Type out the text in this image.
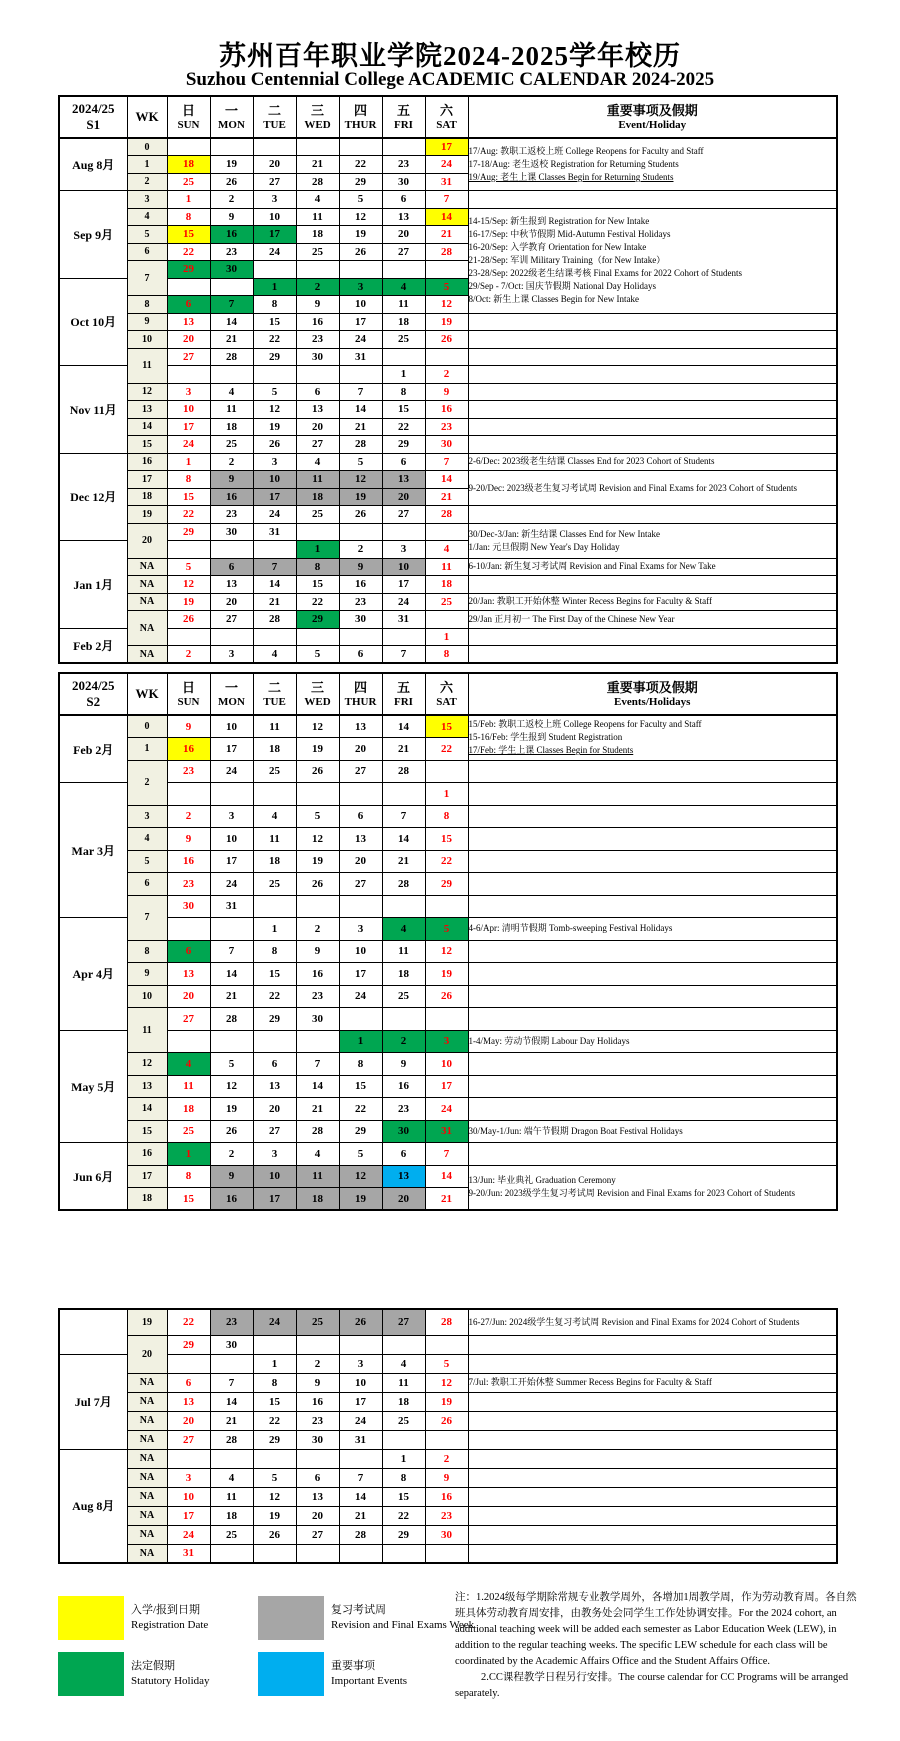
苏州百年职业学院2024-2025学年校历
Suzhou Centennial College ACADEMIC CALENDAR 2024-2025
2024/25
S1

WK	日
SUN

一
MON

二
TUE

三
WED

四
THUR

五
FRI

六
SAT

重要事项及假期
Event/Holiday

Aug 8月	0							17	17/Aug: 教职工返校上班 College Reopens for Faculty and Staff
17-18/Aug: 老生返校 Registration for Returning Students
19/Aug: 老生上课 Classes Begin for Returning Students

	1	18	19	20	21	22	23	24	
	2	25	26	27	28	29	30	31	
Sep 9月	3	1	2	3	4	5	6	7	
4	8	9	10	11	12	13	14	14-15/Sep: 新生报到 Registration for New Intake
16-17/Sep: 中秋节假期 Mid-Autumn Festival Holidays
16-20/Sep: 入学教育 Orientation for New Intake
21-28/Sep: 军训 Military Training（for New Intake）
23-28/Sep: 2022级老生结课考核 Final Exams for 2022 Cohort of Students
29/Sep - 7/Oct: 国庆节假期 National Day Holidays
8/Oct: 新生上课 Classes Begin for New Intake

	5	15	16	17	18	19	20	21	
	6	22	23	24	25	26	27	28	
	7	29	30						
Oct 10月				1	2	3	4	5	
	8	6	7	8	9	10	11	12	
	9	13	14	15	16	17	18	19	
	10	20	21	22	23	24	25	26	
	11	27	28	29	30	31			
Nov 11月							1	2	
	12	3	4	5	6	7	8	9	
	13	10	11	12	13	14	15	16	
	14	17	18	19	20	21	22	23	
	15	24	25	26	27	28	29	30	
Dec 12月	16	1	2	3	4	5	6	7	2-6/Dec: 2023级老生结课 Classes End for 2023 Cohort of Students

	17	8	9	10	11	12	13	14	9-20/Dec: 2023级老生复习考试周 Revision and Final Exams for 2023 Cohort of Students

	18	15	16	17	18	19	20	21	
	19	22	23	24	25	26	27	28	
	20	29	30	31					30/Dec-3/Jan: 新生结课 Classes End for New Intake
1/Jan: 元旦假期 New Year's Day Holiday

Jan 1月					1	2	3	4	
	NA	5	6	7	8	9	10	11	6-10/Jan: 新生复习考试周 Revision and Final Exams for New Take

	NA	12	13	14	15	16	17	18	
	NA	19	20	21	22	23	24	25	20/Jan: 教职工开始休整 Winter Recess Begins for Faculty & Staff

	NA	26	27	28	29	30	31		29/Jan 正月初一 The First Day of the Chinese New Year

Feb 2月								1	
	NA	2	3	4	5	6	7	8	
2024/25
S2

WK	日
SUN

一
MON

二
TUE

三
WED

四
THUR

五
FRI

六
SAT

重要事项及假期
Events/Holidays

Feb 2月	0	9	10	11	12	13	14	15	15/Feb: 教职工返校上班 College Reopens for Faculty and Staff
15-16/Feb: 学生报到 Student Registration
17/Feb: 学生上课 Classes Begin for Students

	1	16	17	18	19	20	21	22	
	2	23	24	25	26	27	28		
Mar 3月								1	
	3	2	3	4	5	6	7	8	
	4	9	10	11	12	13	14	15	
	5	16	17	18	19	20	21	22	
	6	23	24	25	26	27	28	29	
	7	30	31						
Apr 4月				1	2	3	4	5	4-6/Apr: 清明节假期 Tomb-sweeping Festival Holidays

	8	6	7	8	9	10	11	12	
	9	13	14	15	16	17	18	19	
	10	20	21	22	23	24	25	26	
	11	27	28	29	30				
May 5月						1	2	3	1-4/May: 劳动节假期 Labour Day Holidays

	12	4	5	6	7	8	9	10	
	13	11	12	13	14	15	16	17	
	14	18	19	20	21	22	23	24	
	15	25	26	27	28	29	30	31	30/May-1/Jun: 端午节假期 Dragon Boat Festival Holidays

Jun 6月	16	1	2	3	4	5	6	7	
	17	8	9	10	11	12	13	14	13/Jun: 毕业典礼 Graduation Ceremony
9-20/Jun: 2023级学生复习考试周 Revision and Final Exams for 2023 Cohort of Students

	18	15	16	17	18	19	20	21	
	19	22	23	24	25	26	27	28	16-27/Jun: 2024级学生复习考试周 Revision and Final Exams for 2024 Cohort of Students

	20	29	30						
Jul 7月				1	2	3	4	5	
	NA	6	7	8	9	10	11	12	7/Jul: 教职工开始休整 Summer Recess Begins for Faculty & Staff

	NA	13	14	15	16	17	18	19	
	NA	20	21	22	23	24	25	26	
	NA	27	28	29	30	31			
Aug 8月	NA						1	2	
	NA	3	4	5	6	7	8	9	
	NA	10	11	12	13	14	15	16	
	NA	17	18	19	20	21	22	23	
	NA	24	25	26	27	28	29	30	
	NA	31							
入学/报到日期
Registration Date
复习考试周
Revision and Final Exams Week
法定假期
Statutory Holiday
重要事项
Important Events

注：1.2024级每学期除常规专业教学周外，各增加1周教学周，作为劳动教育周。各自然班具体劳动教育周安排，由教务处会同学生工作处协调安排。For the 2024 cohort, an additional teaching week will be added each semester as Labor Education Week (LEW), in addition to the regular teaching weeks. The specific LEW schedule for each class will be coordinated by the Academic Affairs Office and the Student Affairs Office.

2.CC课程教学日程另行安排。The course calendar for CC Programs will be arranged separately.
